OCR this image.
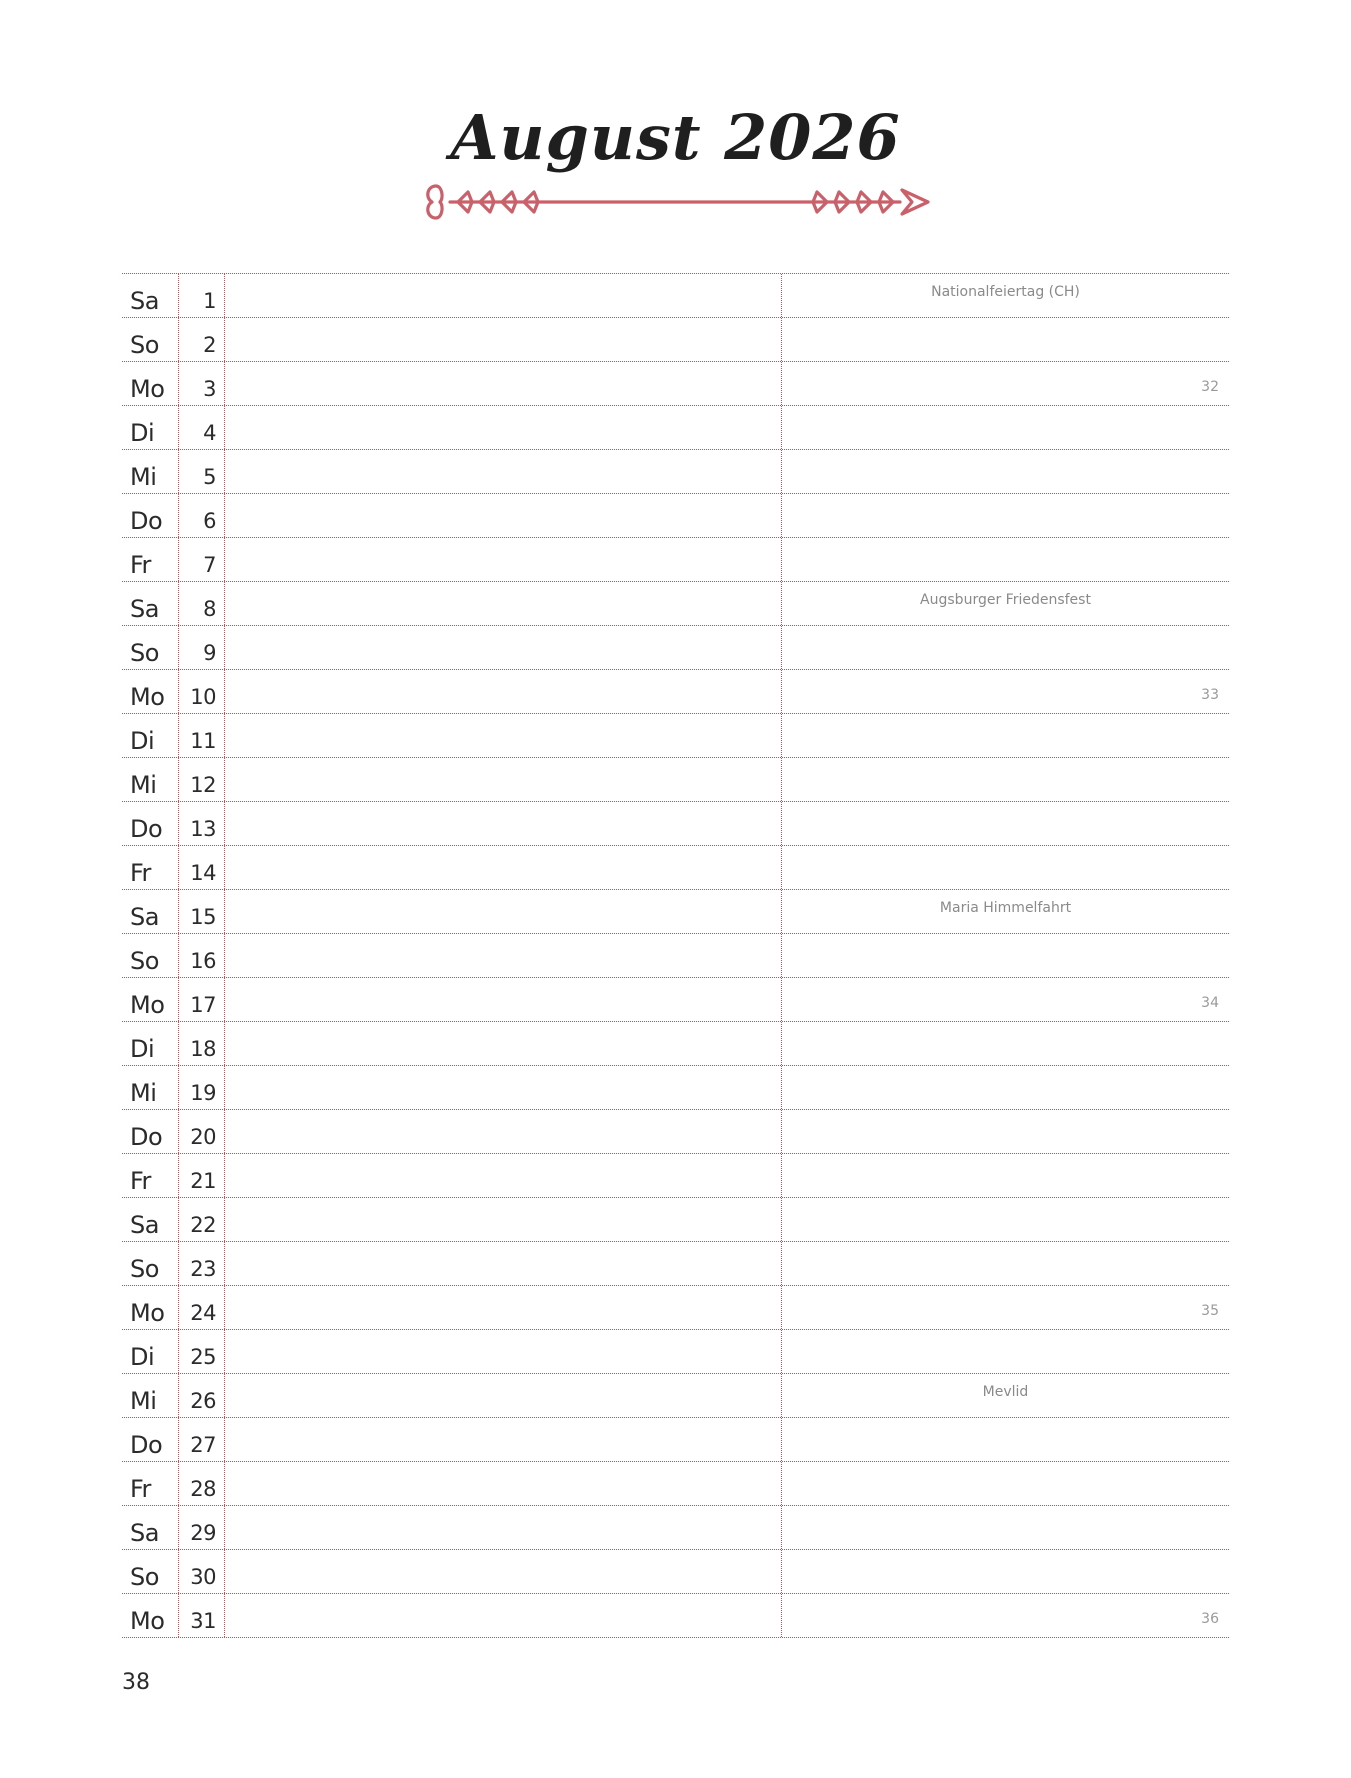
August 2026
Sa 1	Nationalfeiertag (CH)
So 2
Mo 3	32
Di 4
Mi 5
Do 6
Fr 7
Sa 8	Augsburger Friedensfest
So 9
Mo 10	33
Di 11
Mi 12
Do 13
Fr 14
Sa 15	Maria Himmelfahrt
So 16
Mo 17	34
Di 18
Mi 19
Do 20
Fr 21
Sa 22
So 23
Mo 24	35
Di 25
Mi 26	Mevlid
Do 27
Fr 28
Sa 29
So 30
Mo 31	36
38
